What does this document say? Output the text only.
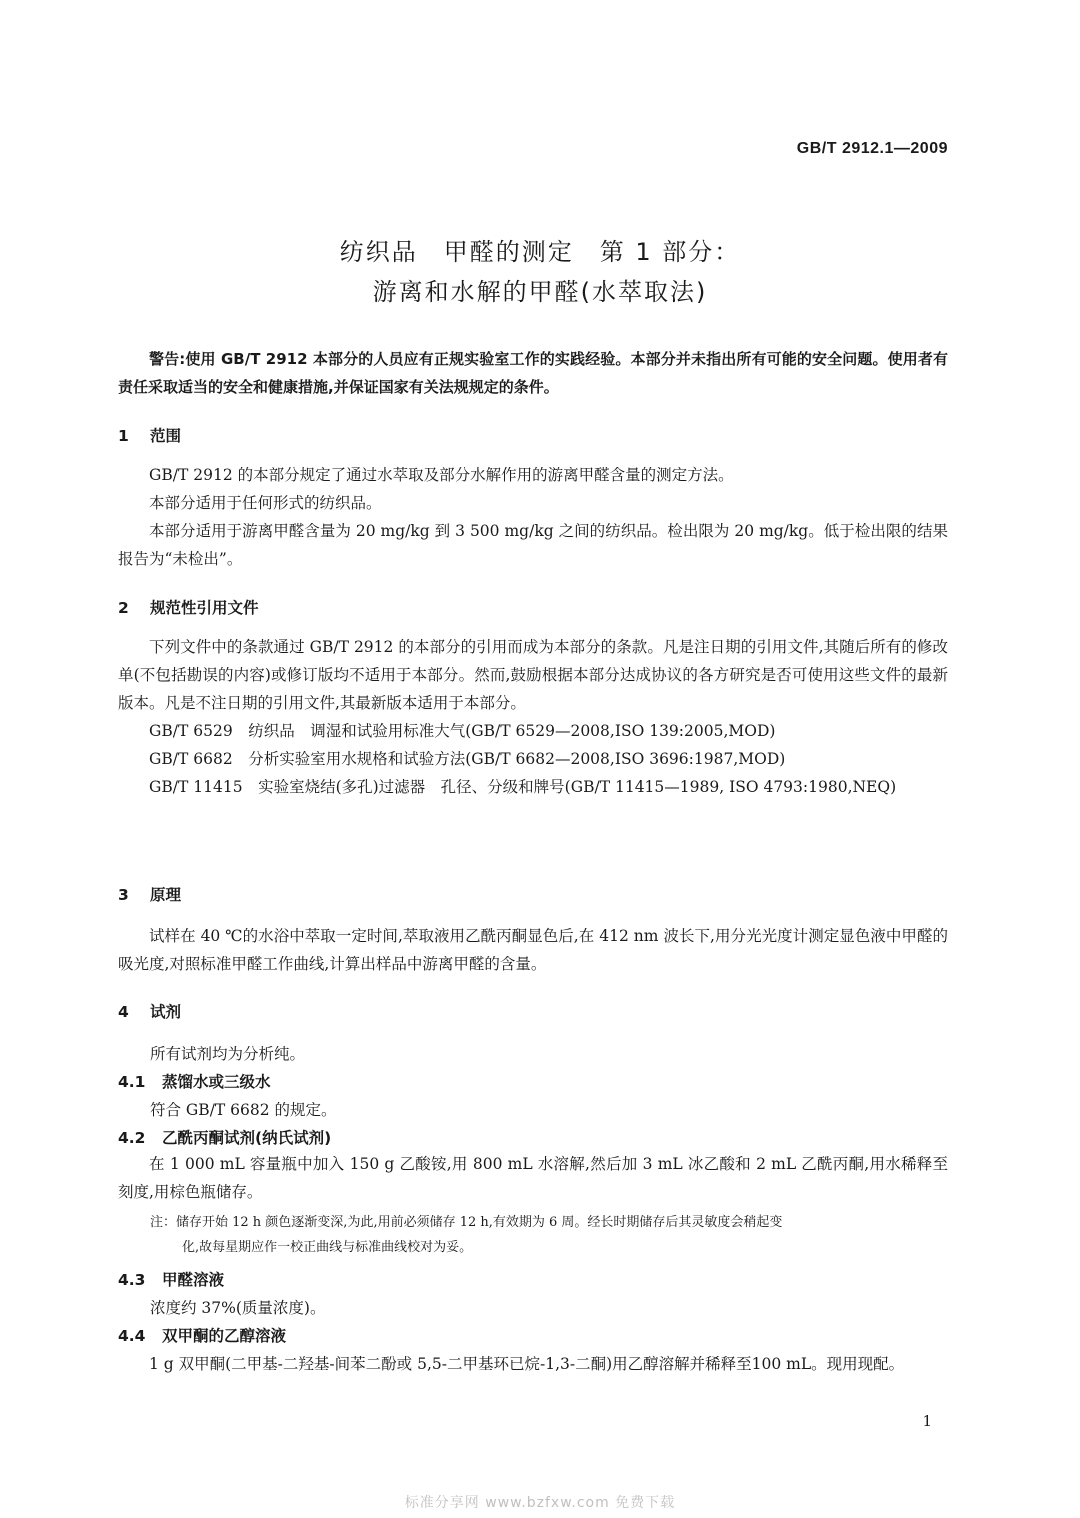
GB/T 2912.1—2009
纺织品　甲醛的测定　第 1 部分：
游离和水解的甲醛(水萃取法)

警告:使用 GB/T 2912 本部分的人员应有正规实验室工作的实践经验。本部分并未指出所有可能的安全问题。使用者有责任采取适当的安全和健康措施,并保证国家有关法规规定的条件。

1 范围

GB/T 2912 的本部分规定了通过水萃取及部分水解作用的游离甲醛含量的测定方法。

本部分适用于任何形式的纺织品。

本部分适用于游离甲醛含量为 20 mg/kg 到 3 500 mg/kg 之间的纺织品。检出限为 20 mg/kg。低于检出限的结果报告为“未检出”。

2 规范性引用文件

下列文件中的条款通过 GB/T 2912 的本部分的引用而成为本部分的条款。凡是注日期的引用文件,其随后所有的修改单(不包括勘误的内容)或修订版均不适用于本部分。然而,鼓励根据本部分达成协议的各方研究是否可使用这些文件的最新版本。凡是不注日期的引用文件,其最新版本适用于本部分。

GB/T 6529　纺织品　调湿和试验用标准大气(GB/T 6529—2008,ISO 139:2005,MOD)

GB/T 6682　分析实验室用水规格和试验方法(GB/T 6682—2008,ISO 3696:1987,MOD)

GB/T 11415　实验室烧结(多孔)过滤器　孔径、分级和牌号(GB/T 11415—1989, ISO 4793:1980,NEQ)

3 原理

试样在 40 ℃的水浴中萃取一定时间,萃取液用乙酰丙酮显色后,在 412 nm 波长下,用分光光度计测定显色液中甲醛的吸光度,对照标准甲醛工作曲线,计算出样品中游离甲醛的含量。

4 试剂
所有试剂均为分析纯。
4.1 蒸馏水或三级水
符合 GB/T 6682 的规定。
4.2 乙酰丙酮试剂(纳氏试剂)

在 1 000 mL 容量瓶中加入 150 g 乙酸铵,用 800 mL 水溶解,然后加 3 mL 冰乙酸和 2 mL 乙酰丙酮,用水稀释至刻度,用棕色瓶储存。

注：储存开始 12 h 颜色逐渐变深,为此,用前必须储存 12 h,有效期为 6 周。经长时期储存后其灵敏度会稍起变
化,故每星期应作一校正曲线与标准曲线校对为妥。
4.3 甲醛溶液
浓度约 37%(质量浓度)。
4.4 双甲酮的乙醇溶液

1 g 双甲酮(二甲基-二羟基-间苯二酚或 5,5-二甲基环已烷-1,3-二酮)用乙醇溶解并稀释至100 mL。现用现配。

1
标准分享网 www.bzfxw.com 免费下载
